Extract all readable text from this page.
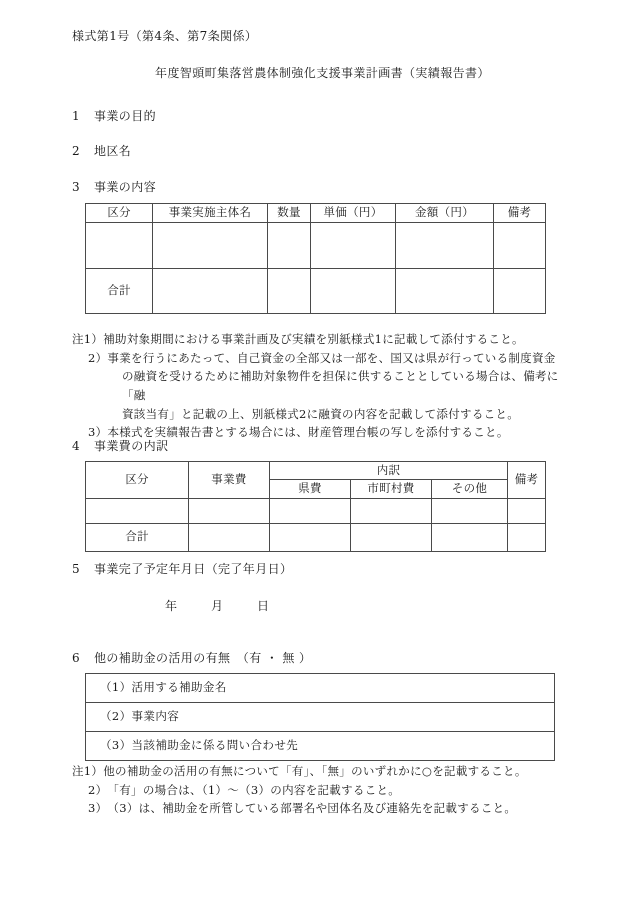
様式第1号（第4条、第7条関係）
年度智頭町集落営農体制強化支援事業計画書（実績報告書）
1 事業の目的
2 地区名
3 事業の内容
区分	事業実施主体名	数量	単価（円）	金額（円）	備考

合計					
注1） 補助対象期間における事業計画及び実績を別紙様式1に記載して添付すること。
2） 事業を行うにあたって、自己資金の全部又は一部を、国又は県が行っている制度資金
の融資を受けるために補助対象物件を担保に供することとしている場合は、備考に「融
資該当有」と記載の上、別紙様式2に融資の内容を記載して添付すること。
3） 本様式を実績報告書とする場合には、財産管理台帳の写しを添付すること。
4 事業費の内訳
区分	事業費	内訳			備考
		県費	市町村費	その他	

合計					
5 事業完了予定年月日（完了年月日）
年	月	日
6 他の補助金の活用の有無　（有 ・ 無 ）
（1）活用する補助金名
（2）事業内容
（3）当該補助金に係る問い合わせ先
注1） 他の補助金の活用の有無について「有」、「無」のいずれかに○を記載すること。
2） 「有」の場合は、（1）〜（3）の内容を記載すること。
3） （3）は、補助金を所管している部署名や団体名及び連絡先を記載すること。
